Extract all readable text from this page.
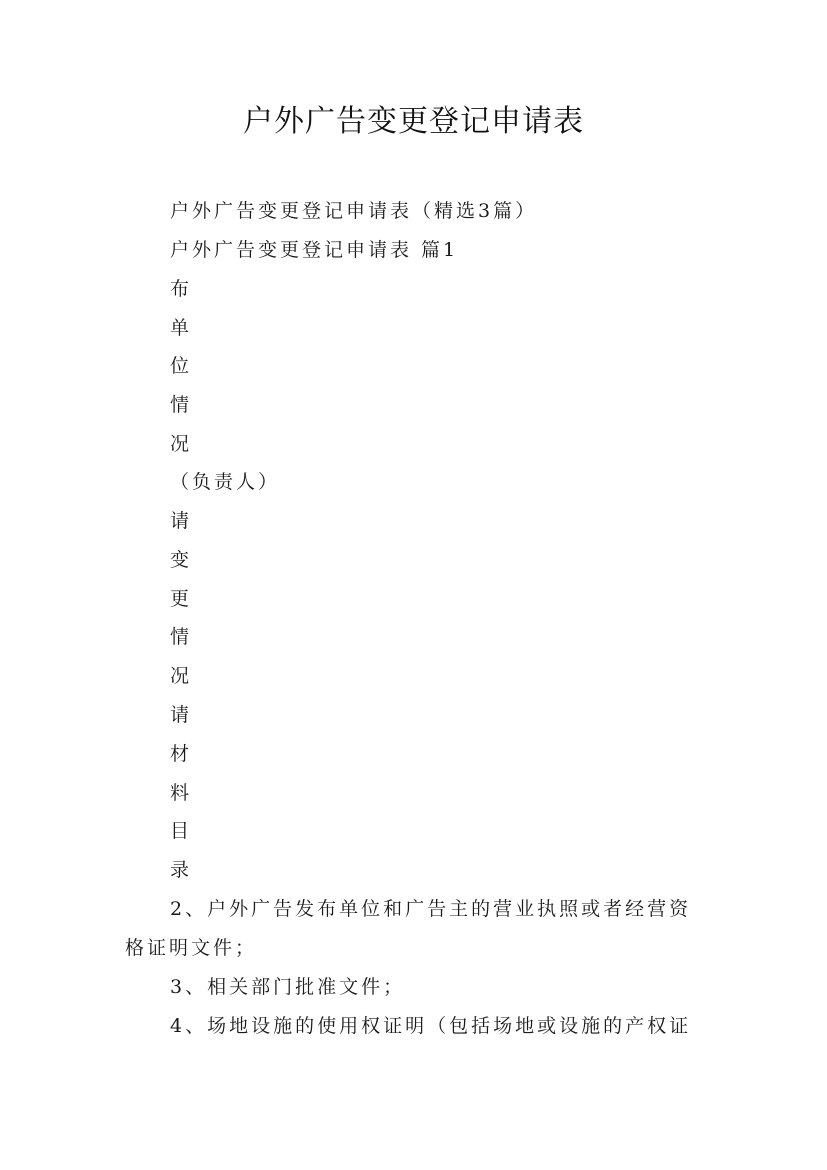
户外广告变更登记申请表
户外广告变更登记申请表（精选3篇）
户外广告变更登记申请表 篇1
布
单
位
情
况
（负责人）
请
变
更
情
况
请
材
料
目
录
2、户外广告发布单位和广告主的营业执照或者经营资
格证明文件；
3、相关部门批准文件；
4、场地设施的使用权证明（包括场地或设施的产权证
